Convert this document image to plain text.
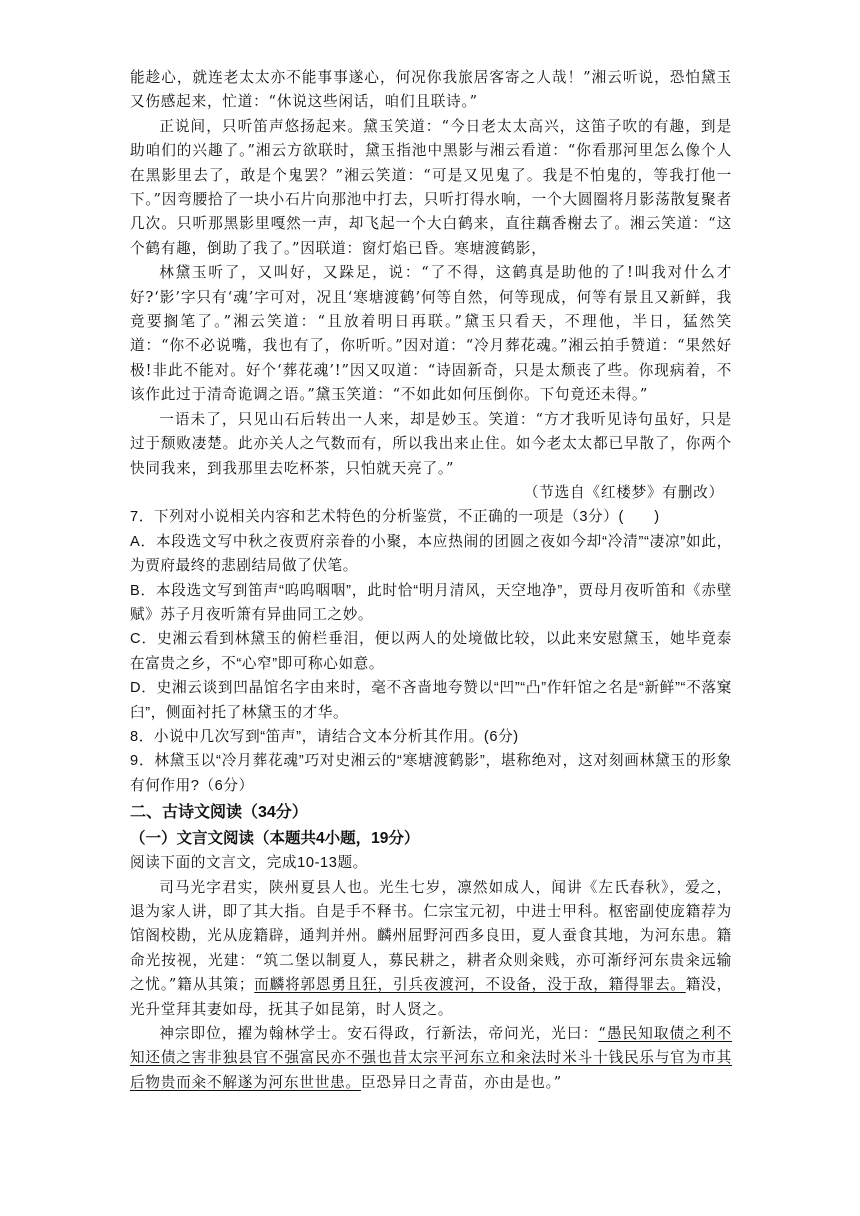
能趁心，就连老太太亦不能事事遂心，何况你我旅居客寄之人哉！”湘云听说，恐怕黛玉又伤感起来，忙道：“休说这些闲话，咱们且联诗。”

正说间，只听笛声悠扬起来。黛玉笑道：“今日老太太高兴，这笛子吹的有趣，到是助咱们的兴趣了。”湘云方欲联时，黛玉指池中黑影与湘云看道：“你看那河里怎么像个人在黑影里去了，敢是个鬼罢？”湘云笑道：“可是又见鬼了。我是不怕鬼的，等我打他一下。”因弯腰拾了一块小石片向那池中打去，只听打得水响，一个大圆圈将月影荡散复聚者几次。只听那黑影里嘎然一声，却飞起一个大白鹤来，直往藕香榭去了。湘云笑道：“这个鹤有趣，倒助了我了。”因联道：窗灯焰已昏。寒塘渡鹤影，

林黛玉听了，又叫好，又跺足，说：“了不得，这鹤真是助他的了!叫我对什么才好?‘影’字只有‘魂’字可对，况且‘寒塘渡鹤’何等自然，何等现成，何等有景且又新鲜，我竟要搁笔了。”湘云笑道：“且放着明日再联。”黛玉只看天，不理他，半日，猛然笑道：“你不必说嘴，我也有了，你听听。”因对道：“冷月葬花魂。”湘云拍手赞道：“果然好极!非此不能对。好个‘葬花魂’!”因又叹道：“诗固新奇，只是太颓丧了些。你现病着，不该作此过于清奇诡调之语。”黛玉笑道：“不如此如何压倒你。下句竟还未得。”

一语未了，只见山石后转出一人来，却是妙玉。笑道：“方才我听见诗句虽好，只是过于颓败凄楚。此亦关人之气数而有，所以我出来止住。如今老太太都已早散了，你两个快同我来，到我那里去吃杯茶，只怕就天亮了。”

（节选自《红楼梦》有删改）

7．下列对小说相关内容和艺术特色的分析鉴赏，不正确的一项是（3分）(　　)

A．本段选文写中秋之夜贾府亲眷的小聚，本应热闹的团圆之夜如今却“冷清”“凄凉”如此，为贾府最终的悲剧结局做了伏笔。

B．本段选文写到笛声“呜呜咽咽”，此时恰“明月清风，天空地净”，贾母月夜听笛和《赤壁赋》苏子月夜听箫有异曲同工之妙。

C．史湘云看到林黛玉的俯栏垂泪，便以两人的处境做比较，以此来安慰黛玉，她毕竟泰在富贵之乡，不“心窄”即可称心如意。

D．史湘云谈到凹晶馆名字由来时，毫不吝啬地夸赞以“凹”“凸”作轩馆之名是“新鲜”“不落窠臼”，侧面衬托了林黛玉的才华。

8．小说中几次写到“笛声”，请结合文本分析其作用。(6分)

9．林黛玉以“冷月葬花魂”巧对史湘云的“寒塘渡鹤影”，堪称绝对，这对刻画林黛玉的形象有何作用?（6分）

二、古诗文阅读（34分）
（一）文言文阅读（本题共4小题，19分）

阅读下面的文言文，完成10-13题。

司马光字君实，陕州夏县人也。光生七岁，凛然如成人，闻讲《左氏春秋》，爱之，退为家人讲，即了其大指。自是手不释书。仁宗宝元初，中进士甲科。枢密副使庞籍荐为馆阁校勘，光从庞籍辟，通判并州。麟州屈野河西多良田，夏人蚕食其地，为河东患。籍命光按视，光建：“筑二堡以制夏人，募民耕之，耕者众则籴贱，亦可渐纾河东贵籴远输之忧。”籍从其策；而麟将郭恩勇且狂，引兵夜渡河，不设备，没于敌，籍得罪去。籍没，光升堂拜其妻如母，抚其子如昆第，时人贤之。

神宗即位，擢为翰林学士。安石得政，行新法，帝问光，光曰：“愚民知取债之利不知还债之害非独县官不强富民亦不强也昔太宗平河东立和籴法时米斗十钱民乐与官为市其后物贵而籴不解遂为河东世世患。臣恐异日之青苗，亦由是也。”
